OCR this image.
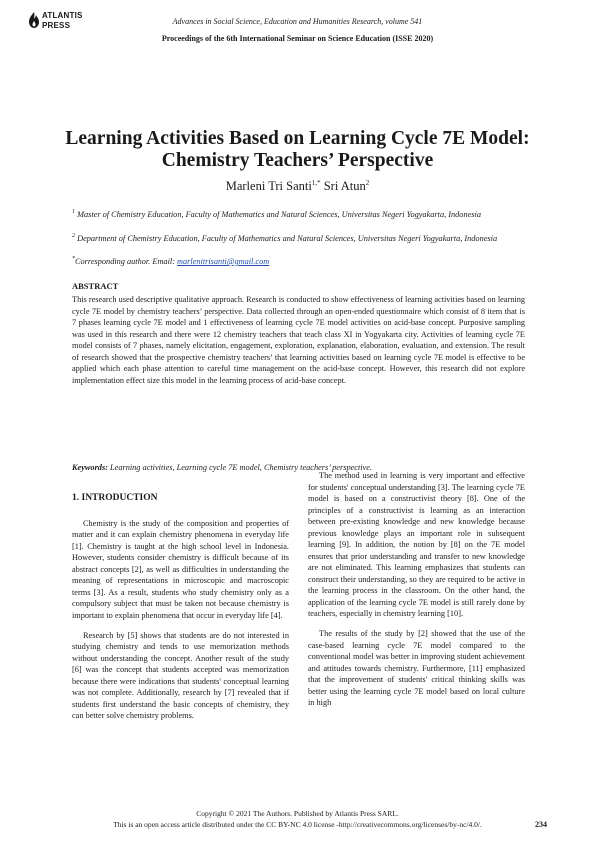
ATLANTIS
PRESS	Advances in Social Science, Education and Humanities Research, volume 541
Proceedings of the 6th International Seminar on Science Education (ISSE 2020)
Learning Activities Based on Learning Cycle 7E Model: Chemistry Teachers’ Perspective
Marleni Tri Santi$^{1,*}$ Sri Atun$^2$
$^1$ Master of Chemistry Education, Faculty of Mathematics and Natural Sciences, Universitas Negeri Yogyakarta, Indonesia
$^2$ Department of Chemistry Education, Faculty of Mathematics and Natural Sciences, Universitas Negeri Yogyakarta, Indonesia
*Corresponding author. Email: marlenitrisanti@gmail.com
ABSTRACT
This research used descriptive qualitative approach. Research is conducted to show effectiveness of learning activities based on learning cycle 7E model by chemistry teachers’ perspective. Data collected through an open-ended questionnaire which consist of 8 item that is 7 phases learning cycle 7E model and 1 effectiveness of learning cycle 7E model activities on acid-base concept. Purposive sampling was used in this research and there were 12 chemistry teachers that teach class XI in Yogyakarta city. Activities of learning cycle 7E model consists of 7 phases, namely elicitation, engagement, exploration, explanation, elaboration, evaluation, and extension. The result of research showed that the prospective chemistry teachers’ that learning activities based on learning cycle 7E model is effective to be applied which each phase attention to careful time management on the acid-base concept. However, this research did not explore implementation effect size this model in the learning process of acid-base concept.
Keywords: Learning activities, Learning cycle 7E model, Chemistry teachers’ perspective.

1. INTRODUCTION

Chemistry is the study of the composition and properties of matter and it can explain chemistry phenomena in everyday life [1]. Chemistry is taught at the high school level in Indonesia. However, students consider chemistry is difficult because of its abstract concepts [2], as well as difficulties in understanding the meaning of representations in microscopic and macroscopic terms [3]. As a result, students who study chemistry only as a compulsory subject that must be taken not because chemistry is important to explain phenomena that occur in everyday life [4].

Research by [5] shows that students are do not interested in studying chemistry and tends to use memorization methods without understanding the concept. Another result of the study [6] was the concept that students accepted was memorization because there were indications that students' conceptual learning was not complete. Additionally, research by [7] revealed that if students first understand the basic concepts of chemistry, they can better solve chemistry problems.

The method used in learning is very important and effective for students' conceptual understanding [3]. The learning cycle 7E model is based on a constructivist theory [8]. One of the principles of a constructivist is learning as an interaction between pre-existing knowledge and new knowledge because previous knowledge plays an important role in subsequent learning [9]. In addition, the notion by [8] on the 7E model ensures that prior understanding and transfer to new knowledge are not eliminated. This learning emphasizes that students can construct their understanding, so they are required to be active in the learning process in the classroom. On the other hand, the application of the learning cycle 7E model is still rarely done by teachers, especially in chemistry learning [10].

The results of the study by [2] showed that the use of the case-based learning cycle 7E model compared to the conventional model was better in improving student achievement and attitudes towards chemistry. Furthermore, [11] emphasized that the improvement of students' critical thinking skills was better using the learning cycle 7E model based on local culture in high

Copyright © 2021 The Authors. Published by Atlantis Press SARL.
This is an open access article distributed under the CC BY-NC 4.0 license -http://creativecommons.org/licenses/by-nc/4.0/.	234
